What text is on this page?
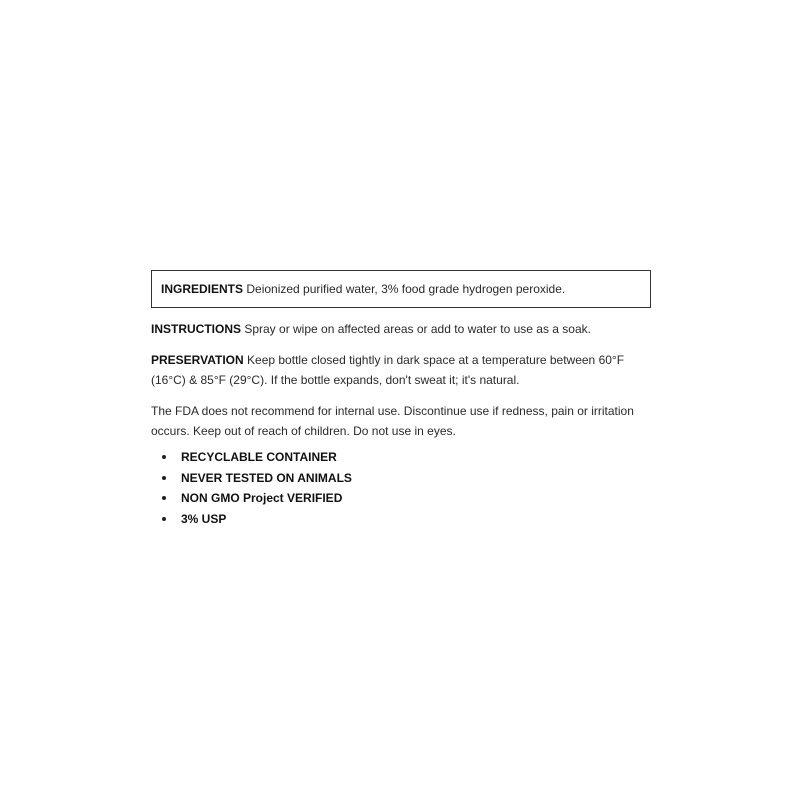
INGREDIENTS Deionized purified water, 3% food grade hydrogen peroxide.

INSTRUCTIONS Spray or wipe on affected areas or add to water to use as a soak.

PRESERVATION Keep bottle closed tightly in dark space at a temperature between 60°F (16°C) & 85°F (29°C). If the bottle expands, don't sweat it; it's natural.

The FDA does not recommend for internal use. Discontinue use if redness, pain or irritation occurs. Keep out of reach of children. Do not use in eyes.

RECYCLABLE CONTAINER
NEVER TESTED ON ANIMALS
NON GMO Project VERIFIED
3% USP
